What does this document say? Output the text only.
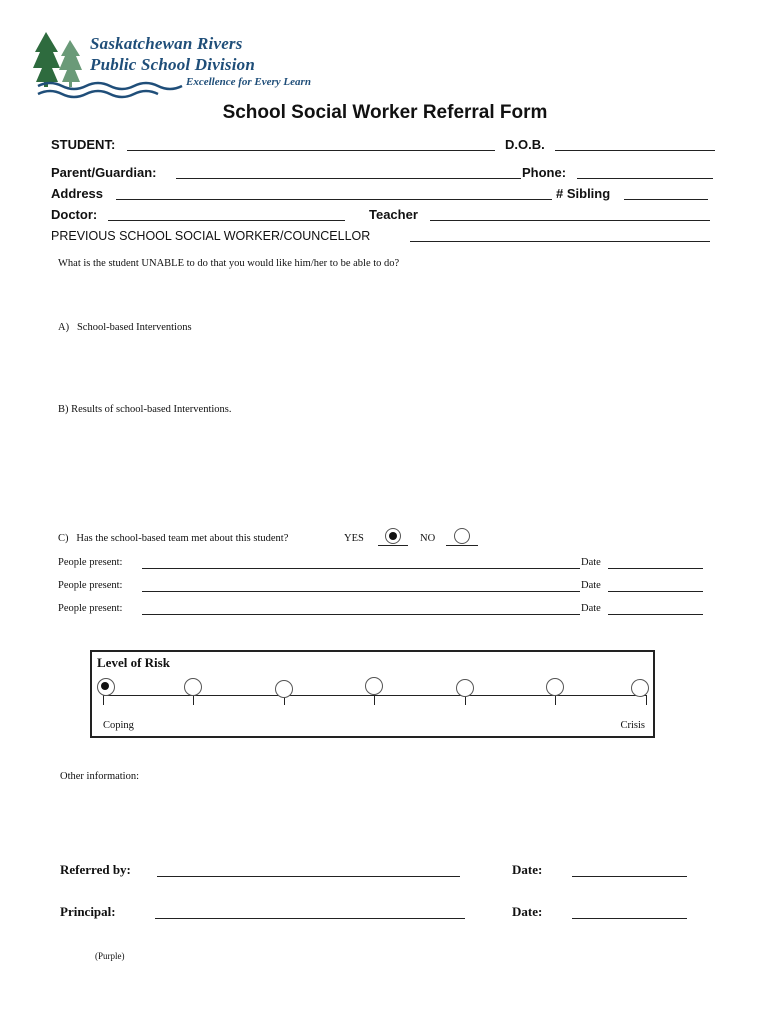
Saskatchewan Rivers
Public School Division
Excellence for Every Learn
School Social Worker Referral Form
STUDENT:	D.O.B.
Parent/Guardian:	Phone:
Address	# Sibling
Doctor:	Teacher
PREVIOUS SCHOOL SOCIAL WORKER/COUNCELLOR
What is the student UNABLE to do that you would like him/her to be able to do?
A)   School-based Interventions
B) Results of school-based Interventions.
C)   Has the school-based team met about this student?	YES	NO
People present:	Date
People present:	Date
People present:	Date
Level of Risk
Coping	Crisis
Other information:
Referred by:	Date:
Principal:	Date:
(Purple)
